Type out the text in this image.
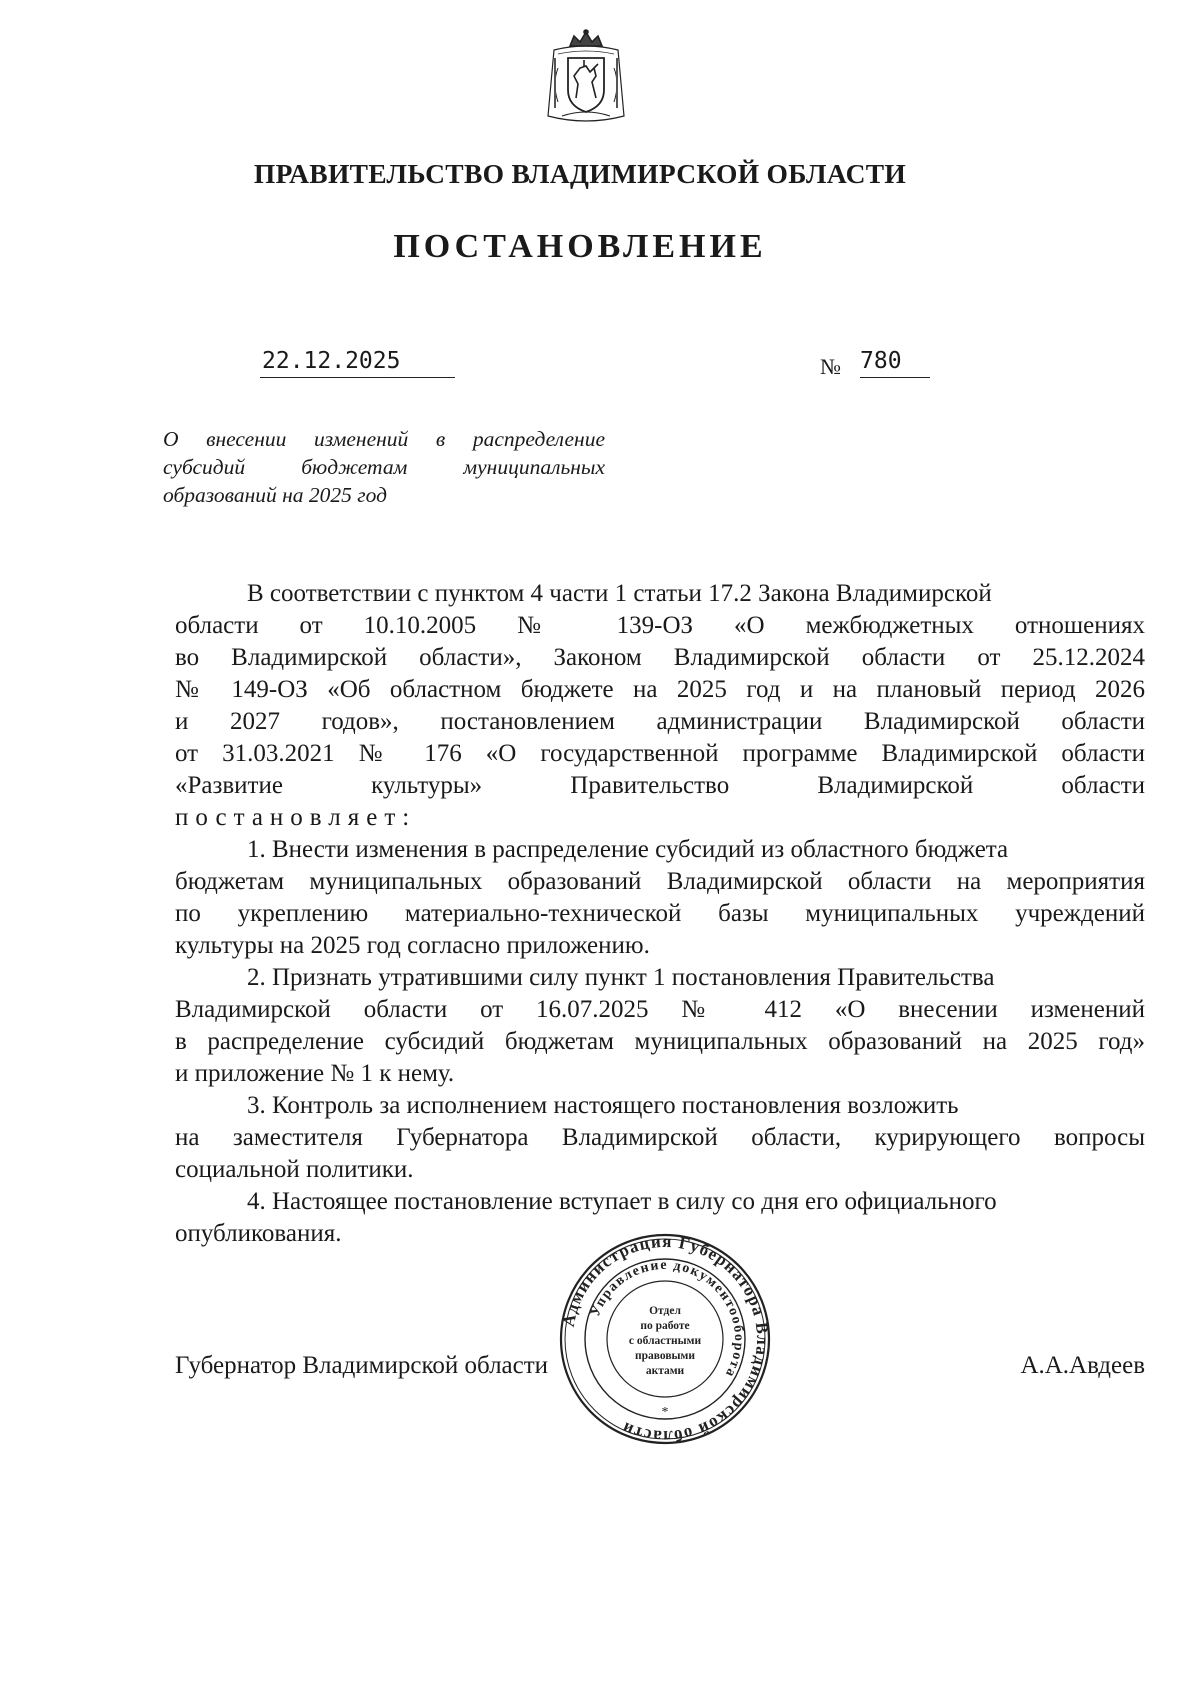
ПРАВИТЕЛЬСТВО ВЛАДИМИРСКОЙ ОБЛАСТИ
ПОСТАНОВЛЕНИЕ
22.12.2025	№ 780
О внесении изменений в распределение
субсидий бюджетам муниципальных
образований на 2025 год
В соответствии с пунктом 4 части 1 статьи 17.2 Закона Владимирской
области от 10.10.2005 № 139-ОЗ «О межбюджетных отношениях
во Владимирской области», Законом Владимирской области от 25.12.2024
№ 149-ОЗ «Об областном бюджете на 2025 год и на плановый период 2026
и 2027 годов», постановлением администрации Владимирской области
от 31.03.2021 № 176 «О государственной программе Владимирской области
«Развитие культуры» Правительство Владимирской области
постановляет:
1. Внести изменения в распределение субсидий из областного бюджета
бюджетам муниципальных образований Владимирской области на мероприятия
по укреплению материально-технической базы муниципальных учреждений
культуры на 2025 год согласно приложению.
2. Признать утратившими силу пункт 1 постановления Правительства
Владимирской области от 16.07.2025 № 412 «О внесении изменений
в распределение субсидий бюджетам муниципальных образований на 2025 год»
и приложение № 1 к нему.
3. Контроль за исполнением настоящего постановления возложить
на заместителя Губернатора Владимирской области, курирующего вопросы
социальной политики.
4. Настоящее постановление вступает в силу со дня его официального
опубликования.
Губернатор Владимирской области	А.А.Авдеев
Администрация Губернатора Владимирской области
Управление документооборота
Отдел
по работе
с областными
правовыми
актами
*
